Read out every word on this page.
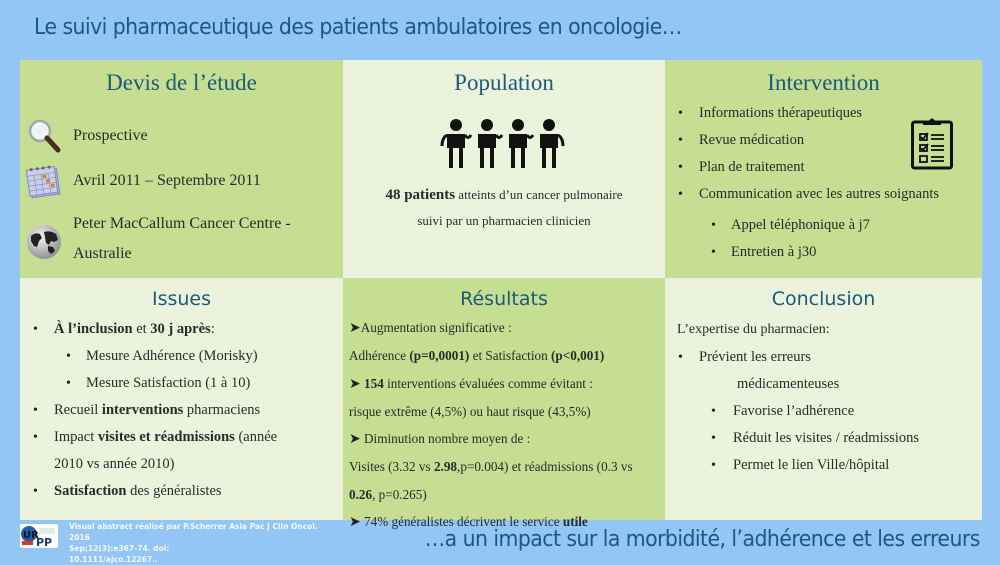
Le suivi pharmaceutique des patients ambulatoires en oncologie…
Devis de l’étude
Prospective
Avril 2011 – Septembre 2011
Peter MacCallum Cancer Centre -
Australie
Population
48 patients atteints d’un cancer pulmonaire
suivi par un pharmacien clinicien
Intervention
• Informations thérapeutiques
• Revue médication
• Plan de traitement
• Communication avec les autres soignants
• Appel téléphonique à j7
• Entretien à j30
Issues
• À l’inclusion et 30 j après:
• Mesure Adhérence (Morisky)
• Mesure Satisfaction (1 à 10)
• Recueil interventions pharmaciens
• Impact visites et réadmissions (année
2010 vs année 2010)
• Satisfaction des généralistes
Résultats
➤Augmentation significative :
Adhérence (p=0,0001) et Satisfaction (p<0,001)
➤ 154 interventions évaluées comme évitant :
risque extrême (4,5%) ou haut risque (43,5%)
➤ Diminution nombre moyen de :
Visites (3.32 vs 2.98,p=0.004) et réadmissions (0.3 vs
0.26, p=0.265)
➤ 74% généralistes décrivent le service utile
Conclusion
L’expertise du pharmacien:
• Prévient les erreurs
médicamenteuses
• Favorise l’adhérence
• Réduit les visites / réadmissions
• Permet le lien Ville/hôpital
UR
PP
Visual abstract réalisé par P.Scherrer Asia Pac J Clin Oncol. 2016
Sep;12(3):e367-74. doi:
10.1111/ajco.12267..
…a un impact sur la morbidité, l’adhérence et les erreurs
